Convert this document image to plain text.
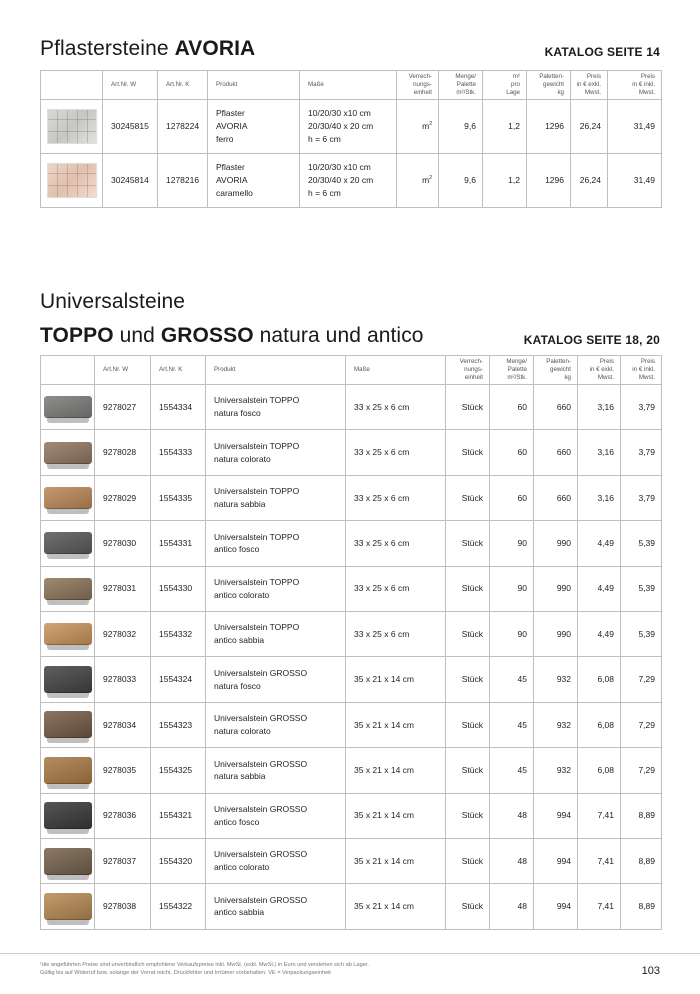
Pflastersteine AVORIA	KATALOG SEITE 14
	Art.Nr. W	Art.Nr. K	Produkt	Maße	Verrech-
nungs-
einheit	Menge/
Palette
m²/Stk.	m²
pro
Lage	Paletten-
gewicht
kg	Preis
in € exkl.
Mwst.	Preis
in € inkl.
Mwst.

	30245815	1278224	Pflaster
AVORIA
ferro	10/20/30 x10 cm
20/30/40 x 20 cm
h = 6 cm	$m^2$	9,6	1,2	1296	26,24	31,49

	30245814	1278216	Pflaster
AVORIA
caramello	10/20/30 x10 cm
20/30/40 x 20 cm
h = 6 cm	$m^2$	9,6	1,2	1296	26,24	31,49
Universalsteine
TOPPO und GROSSO natura und antico	KATALOG SEITE 18, 20
	Art.Nr. W	Art.Nr. K	Produkt	Maße	Verrech-
nungs-
einheit	Menge/
Palette
m²/Stk.	Paletten-
gewicht
kg	Preis
in € exkl.
Mwst.	Preis
in € inkl.
Mwst.

	9278027	1554334	Universalstein TOPPO
natura fosco	33 x 25 x 6 cm	Stück	60	660	3,16	3,79

	9278028	1554333	Universalstein TOPPO
natura colorato	33 x 25 x 6 cm	Stück	60	660	3,16	3,79

	9278029	1554335	Universalstein TOPPO
natura sabbia	33 x 25 x 6 cm	Stück	60	660	3,16	3,79

	9278030	1554331	Universalstein TOPPO
antico fosco	33 x 25 x 6 cm	Stück	90	990	4,49	5,39

	9278031	1554330	Universalstein TOPPO
antico colorato	33 x 25 x 6 cm	Stück	90	990	4,49	5,39

	9278032	1554332	Universalstein TOPPO
antico sabbia	33 x 25 x 6 cm	Stück	90	990	4,49	5,39

	9278033	1554324	Universalstein GROSSO
natura fosco	35 x 21 x 14 cm	Stück	45	932	6,08	7,29

	9278034	1554323	Universalstein GROSSO
natura colorato	35 x 21 x 14 cm	Stück	45	932	6,08	7,29

	9278035	1554325	Universalstein GROSSO
natura sabbia	35 x 21 x 14 cm	Stück	45	932	6,08	7,29

	9278036	1554321	Universalstein GROSSO
antico fosco	35 x 21 x 14 cm	Stück	48	994	7,41	8,89

	9278037	1554320	Universalstein GROSSO
antico colorato	35 x 21 x 14 cm	Stück	48	994	7,41	8,89

	9278038	1554322	Universalstein GROSSO
antico sabbia	35 x 21 x 14 cm	Stück	48	994	7,41	8,89
¹die angeführten Preise sind unverbindlich empfohlene Verkaufspreise inkl. MwSt. (exkl. MwSt.) in Euro und verstehen sich ab Lager.
Gültig bis auf Widerruf bzw. solange der Vorrat reicht. Druckfehler und Irrtümer vorbehalten. VE = Verpackungseinheit	103
